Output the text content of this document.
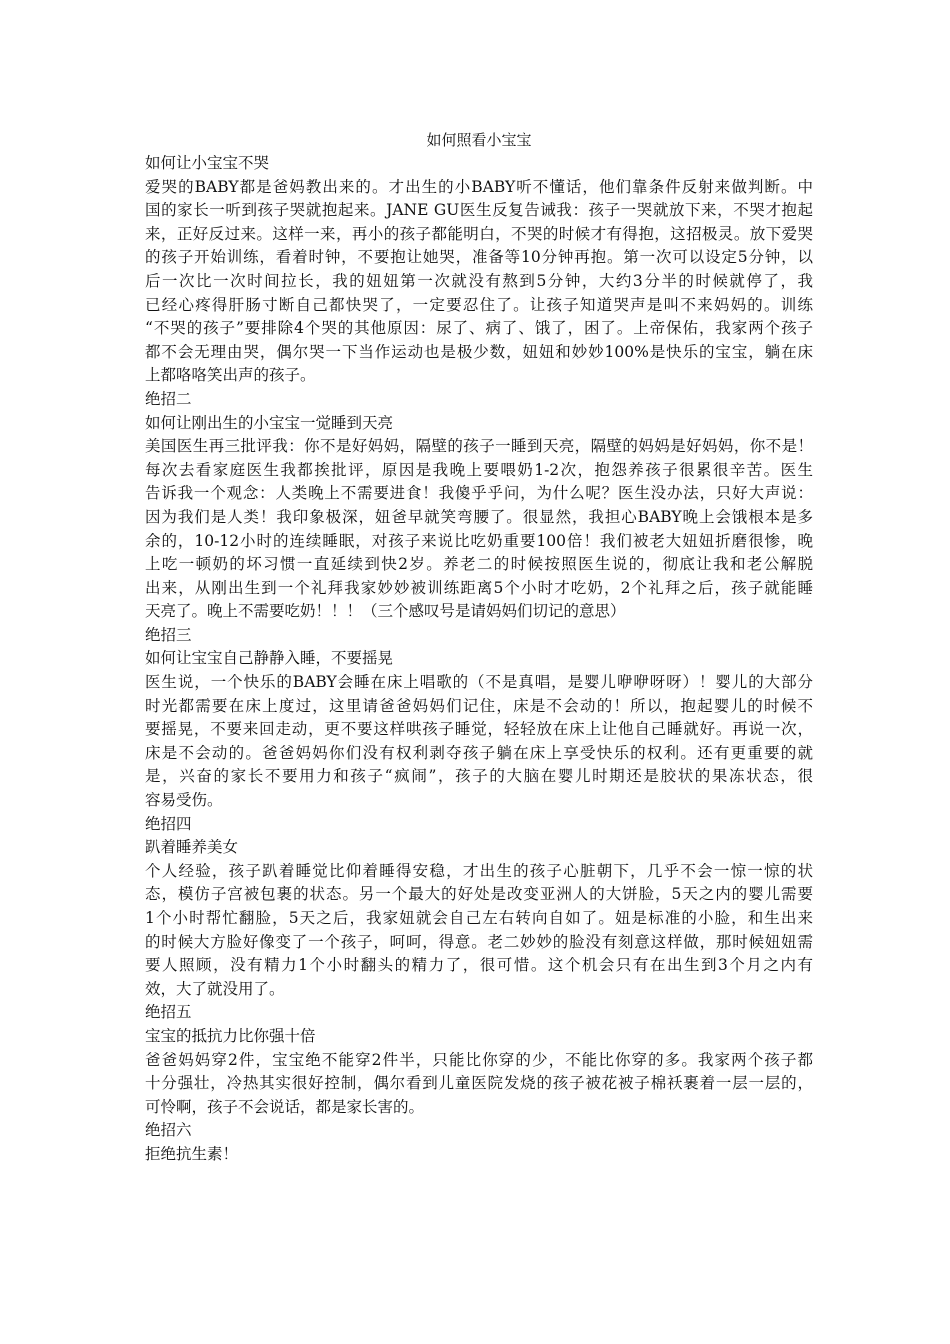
如何照看小宝宝
如何让小宝宝不哭
爱哭的BABY都是爸妈教出来的。才出生的小BABY听不懂话，他们靠条件反射来做判断。中
国的家长一听到孩子哭就抱起来。JANE GU医生反复告诫我：孩子一哭就放下来，不哭才抱起
来，正好反过来。这样一来，再小的孩子都能明白，不哭的时候才有得抱，这招极灵。放下爱哭
的孩子开始训练，看着时钟，不要抱让她哭，准备等10分钟再抱。第一次可以设定5分钟，以
后一次比一次时间拉长，我的妞妞第一次就没有熬到5分钟，大约3分半的时候就停了，我
已经心疼得肝肠寸断自己都快哭了，一定要忍住了。让孩子知道哭声是叫不来妈妈的。训练
“不哭的孩子”要排除4个哭的其他原因：尿了、病了、饿了，困了。上帝保佑，我家两个孩子
都不会无理由哭，偶尔哭一下当作运动也是极少数，妞妞和妙妙100%是快乐的宝宝，躺在床
上都咯咯笑出声的孩子。
绝招二
如何让刚出生的小宝宝一觉睡到天亮
美国医生再三批评我：你不是好妈妈，隔壁的孩子一睡到天亮，隔壁的妈妈是好妈妈，你不是！
每次去看家庭医生我都挨批评，原因是我晚上要喂奶1-2次，抱怨养孩子很累很辛苦。医生
告诉我一个观念：人类晚上不需要进食！我傻乎乎问，为什么呢？医生没办法，只好大声说：
因为我们是人类！我印象极深，妞爸早就笑弯腰了。很显然，我担心BABY晚上会饿根本是多
余的，10-12小时的连续睡眠，对孩子来说比吃奶重要100倍！我们被老大妞妞折磨很惨，晚
上吃一顿奶的坏习惯一直延续到快2岁。养老二的时候按照医生说的，彻底让我和老公解脱
出来，从刚出生到一个礼拜我家妙妙被训练距离5个小时才吃奶，2个礼拜之后，孩子就能睡
天亮了。晚上不需要吃奶！！！（三个感叹号是请妈妈们切记的意思）
绝招三
如何让宝宝自己静静入睡，不要摇晃
医生说，一个快乐的BABY会睡在床上唱歌的（不是真唱，是婴儿咿咿呀呀）！婴儿的大部分
时光都需要在床上度过，这里请爸爸妈妈们记住，床是不会动的！所以，抱起婴儿的时候不
要摇晃，不要来回走动，更不要这样哄孩子睡觉，轻轻放在床上让他自己睡就好。再说一次，
床是不会动的。爸爸妈妈你们没有权利剥夺孩子躺在床上享受快乐的权利。还有更重要的就
是，兴奋的家长不要用力和孩子“疯闹”，孩子的大脑在婴儿时期还是胶状的果冻状态，很
容易受伤。
绝招四
趴着睡养美女
个人经验，孩子趴着睡觉比仰着睡得安稳，才出生的孩子心脏朝下，几乎不会一惊一惊的状
态，模仿子宫被包裹的状态。另一个最大的好处是改变亚洲人的大饼脸，5天之内的婴儿需要
1个小时帮忙翻脸，5天之后，我家妞就会自己左右转向自如了。妞是标准的小脸，和生出来
的时候大方脸好像变了一个孩子，呵呵，得意。老二妙妙的脸没有刻意这样做，那时候妞妞需
要人照顾，没有精力1个小时翻头的精力了，很可惜。这个机会只有在出生到3个月之内有
效，大了就没用了。
绝招五
宝宝的抵抗力比你强十倍
爸爸妈妈穿2件，宝宝绝不能穿2件半，只能比你穿的少，不能比你穿的多。我家两个孩子都
十分强壮，冷热其实很好控制，偶尔看到儿童医院发烧的孩子被花被子棉袄裹着一层一层的，
可怜啊，孩子不会说话，都是家长害的。
绝招六
拒绝抗生素！
